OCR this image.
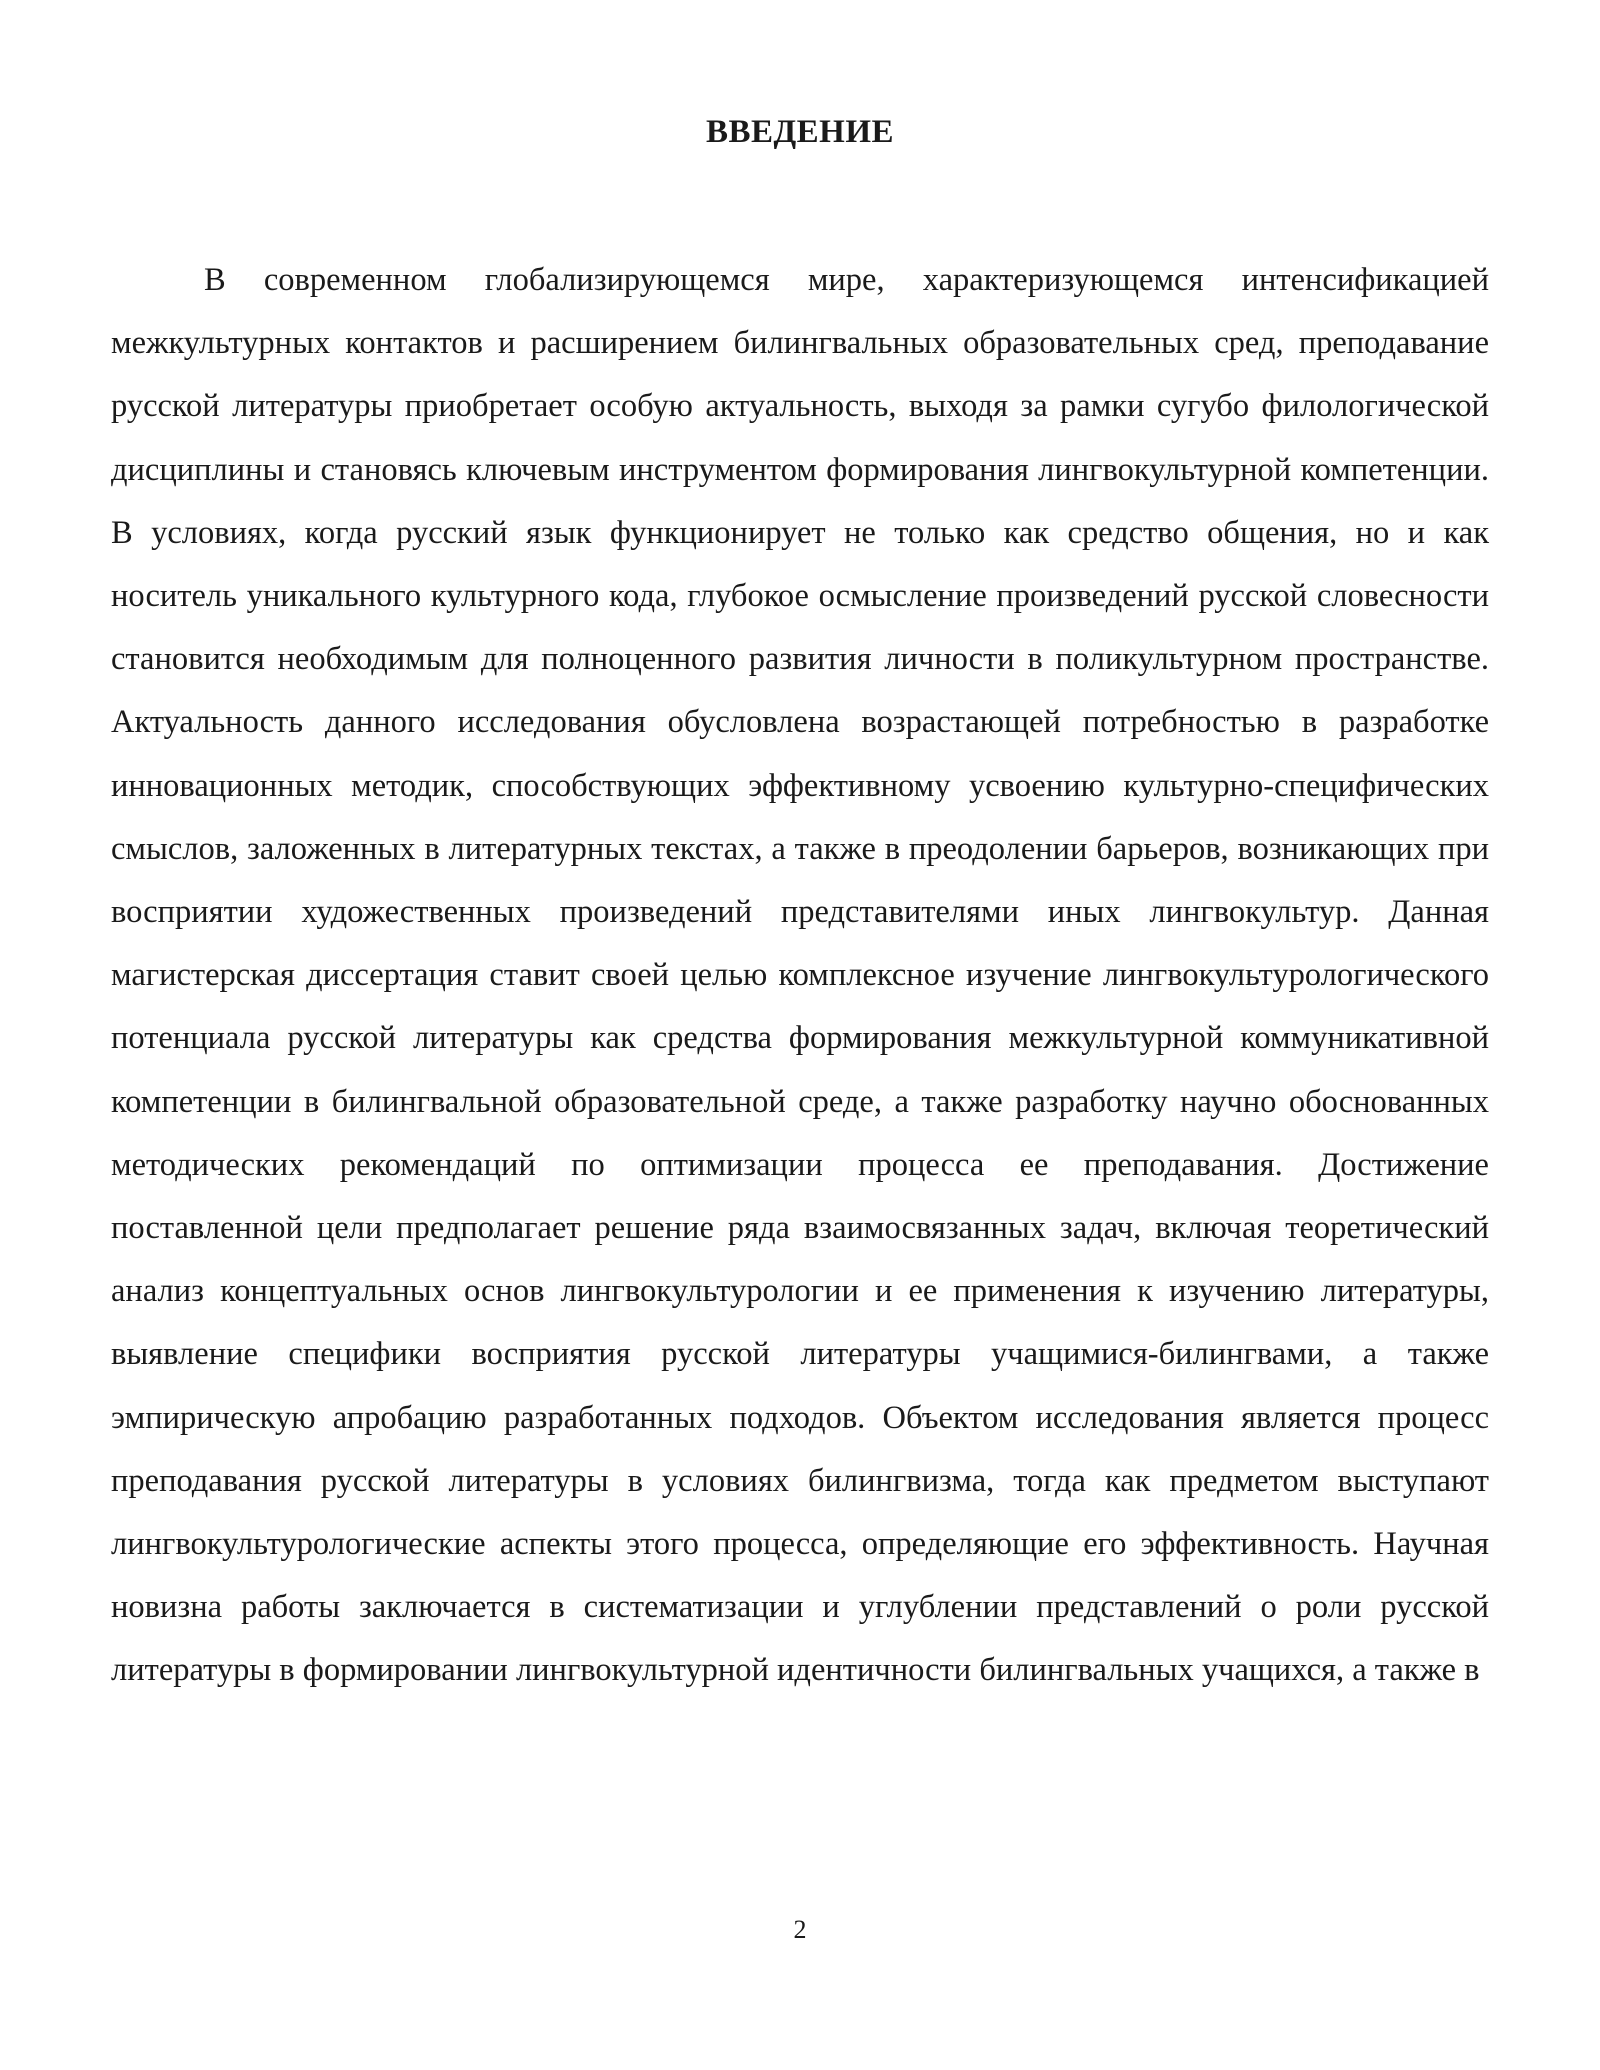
ВВЕДЕНИЕ

В современном глобализирующемся мире, характеризующемся интенсификацией межкультурных контактов и расширением билингвальных образовательных сред, преподавание русской литературы приобретает особую актуальность, выходя за рамки сугубо филологической дисциплины и становясь ключевым инструментом формирования лингвокультурной компетенции. В условиях, когда русский язык функционирует не только как средство общения, но и как носитель уникального культурного кода, глубокое осмысление произведений русской словесности становится необходимым для полноценного развития личности в поликультурном пространстве. Актуальность данного исследования обусловлена возрастающей потребностью в разработке инновационных методик, способствующих эффективному усвоению культурно-специфических смыслов, заложенных в литературных текстах, а также в преодолении барьеров, возникающих при восприятии художественных произведений представителями иных лингвокультур. Данная магистерская диссертация ставит своей целью комплексное изучение лингвокультурологического потенциала русской литературы как средства формирования межкультурной коммуникативной компетенции в билингвальной образовательной среде, а также разработку научно обоснованных методических рекомендаций по оптимизации процесса ее преподавания. Достижение поставленной цели предполагает решение ряда взаимосвязанных задач, включая теоретический анализ концептуальных основ лингвокультурологии и ее применения к изучению литературы, выявление специфики восприятия русской литературы учащимися-билингвами, а также эмпирическую апробацию разработанных подходов. Объектом исследования является процесс преподавания русской литературы в условиях билингвизма, тогда как предметом выступают лингвокультурологические аспекты этого процесса, определяющие его эффективность. Научная новизна работы заключается в систематизации и углублении представлений о роли русской литературы в формировании лингвокультурной идентичности билингвальных учащихся, а также в

2
